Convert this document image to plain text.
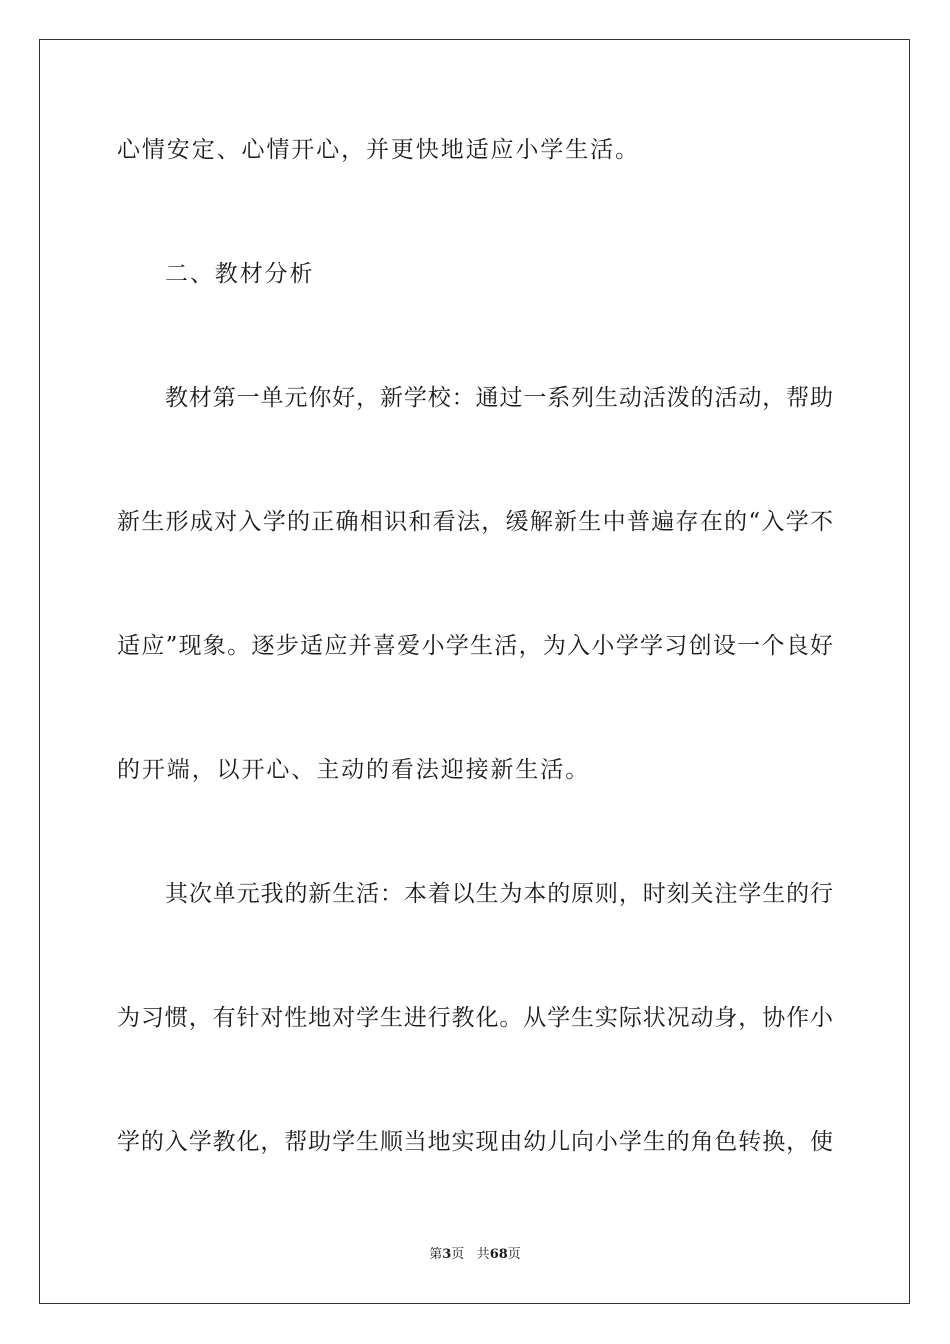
心情安定、心情开心，并更快地适应小学生活。
二、教材分析
教材第一单元你好，新学校：通过一系列生动活泼的活动，帮助
新生形成对入学的正确相识和看法，缓解新生中普遍存在的“入学不
适应”现象。逐步适应并喜爱小学生活，为入小学学习创设一个良好
的开端，以开心、主动的看法迎接新生活。
其次单元我的新生活：本着以生为本的原则，时刻关注学生的行
为习惯，有针对性地对学生进行教化。从学生实际状况动身，协作小
学的入学教化，帮助学生顺当地实现由幼儿向小学生的角色转换，使
第3页 共68页
